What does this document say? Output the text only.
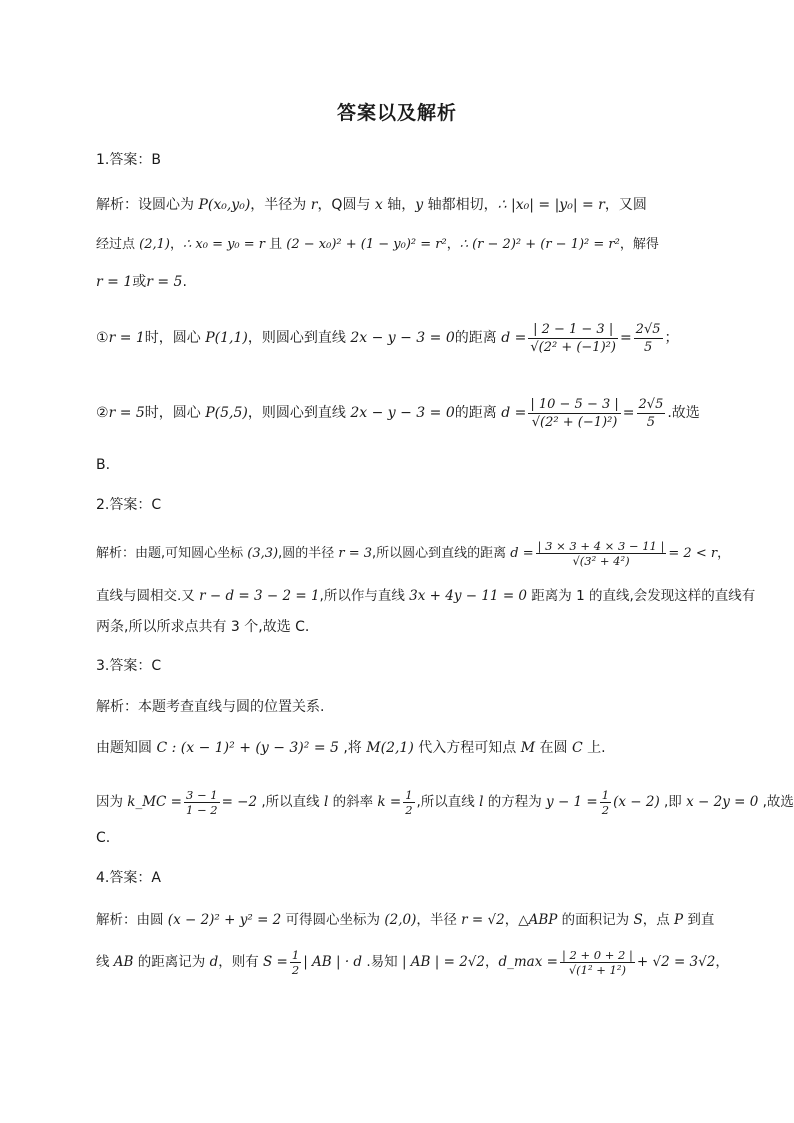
答案以及解析
1.答案：B
解析：设圆心为 P(x₀,y₀)，半径为 r，Q圆与 x 轴，y 轴都相切，∴ |x₀| = |y₀| = r，又圆
经过点 (2,1)，∴ x₀ = y₀ = r 且 (2 − x₀)² + (1 − y₀)² = r²，∴ (r − 2)² + (r − 1)² = r²，解得
r = 1或r = 5.
①r = 1时，圆心 P(1,1)，则圆心到直线 2x − y − 3 = 0的距离 $d = \frac{| 2 - 1 - 3 |}{\text{√(2² + (−1)²)}} = \frac{2√5}{5}$ ；
②r = 5时，圆心 P(5,5)，则圆心到直线 2x − y − 3 = 0的距离 $d = \frac{| 10 - 5 - 3 |}{\text{√(2² + (−1)²)}} = \frac{2√5}{5}$ .故选
B.
2.答案：C
解析：由题,可知圆心坐标 (3,3),圆的半径 r = 3,所以圆心到直线的距离 $d = \frac{| 3 \times 3 + 4 \times 3 - 11 |}{\text{√(3² + 4²)}} = 2 < r$，
直线与圆相交.又 r − d = 3 − 2 = 1,所以作与直线 3x + 4y − 11 = 0 距离为 1 的直线,会发现这样的直线有
两条,所以所求点共有 3 个,故选 C.
3.答案：C
解析：本题考查直线与圆的位置关系.
由题知圆 C : (x − 1)² + (y − 3)² = 5 ,将 M(2,1) 代入方程可知点 M 在圆 C 上.
因为 k_MC = $\frac{3 - 1}{1 - 2} = -2$ ,所以直线 l 的斜率 $k = \frac{1}{2}$ ,所以直线 l 的方程为 $y - 1 = \frac{1}{2} (x - 2)$ ,即 x − 2y = 0 ,故选
C.
4.答案：A
解析：由圆 (x − 2)² + y² = 2 可得圆心坐标为 (2,0)，半径 r = √2，△ABP 的面积记为 S，点 P 到直
线 AB 的距离记为 d，则有 $S = \frac{1}{2}$ | AB | · d .易知 | AB | = 2√2，d_max = $\frac{| 2 + 0 + 2 |}{\text{√(1² + 1²)}} + √2 = 3√2$，
